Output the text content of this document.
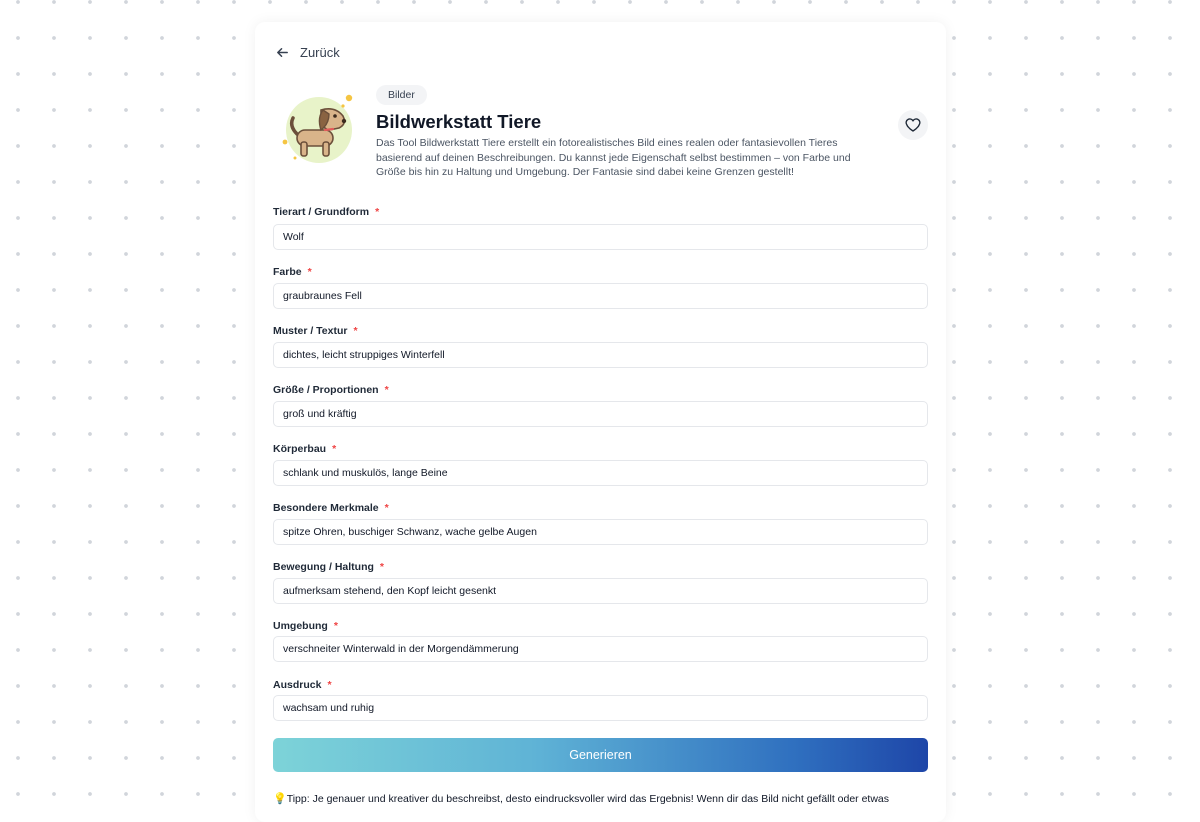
Zurück
Bilder
Bildwerkstatt Tiere

Das Tool Bildwerkstatt Tiere erstellt ein fotorealistisches Bild eines realen oder fantasievollen Tieres basierend auf deinen Beschreibungen. Du kannst jede Eigenschaft selbst bestimmen – von Farbe und Größe bis hin zu Haltung und Umgebung. Der Fantasie sind dabei keine Grenzen gestellt!

Tierart / Grundform *
Wolf
Farbe *
graubraunes Fell
Muster / Textur *
dichtes, leicht struppiges Winterfell
Größe / Proportionen *
groß und kräftig
Körperbau *
schlank und muskulös, lange Beine
Besondere Merkmale *
spitze Ohren, buschiger Schwanz, wache gelbe Augen
Bewegung / Haltung *
aufmerksam stehend, den Kopf leicht gesenkt
Umgebung *
verschneiter Winterwald in der Morgendämmerung
Ausdruck *
wachsam und ruhig
Generieren
💡Tipp: Je genauer und kreativer du beschreibst, desto eindrucksvoller wird das Ergebnis! Wenn dir das Bild nicht gefällt oder etwas
